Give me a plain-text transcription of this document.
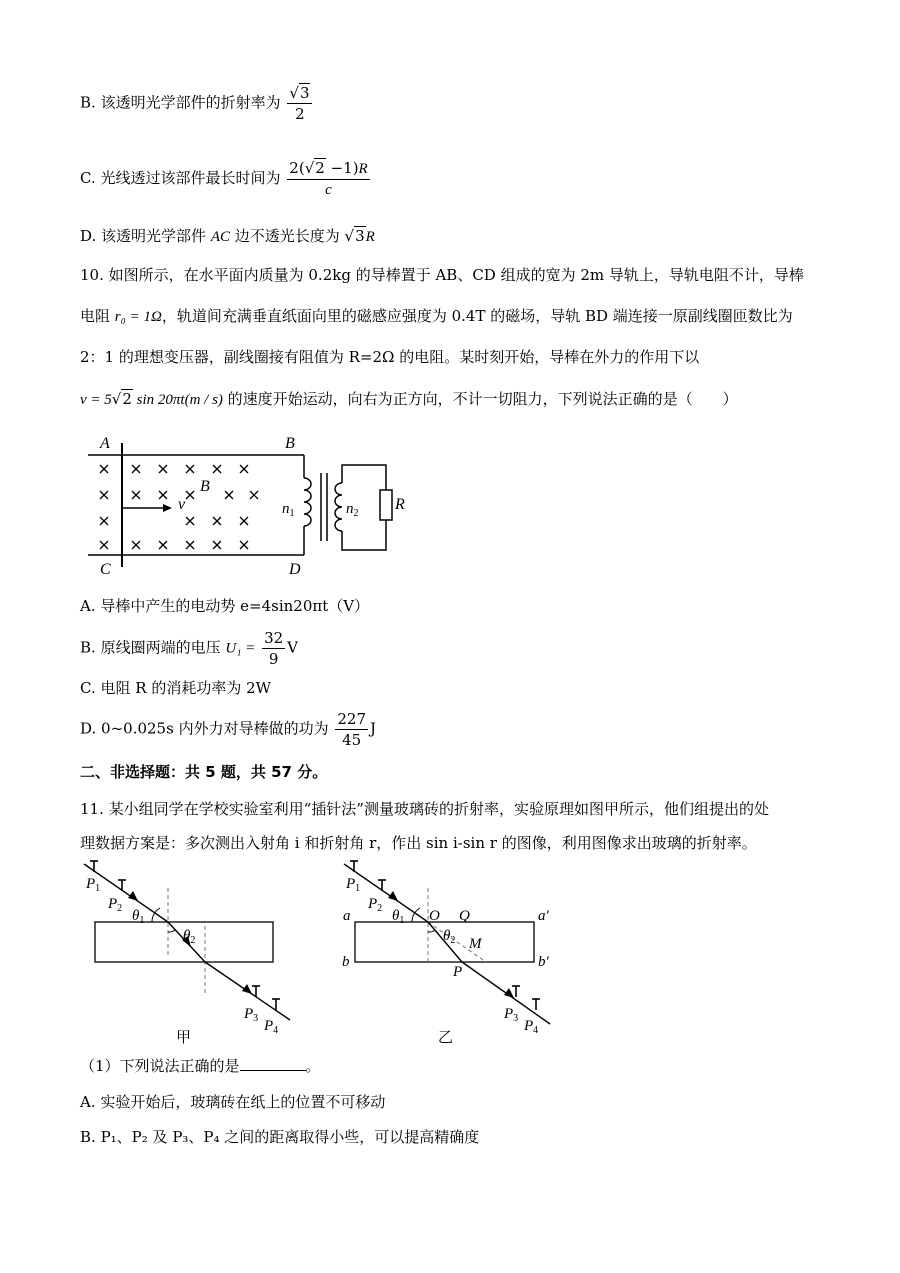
B. 该透明光学部件的折射率为 $\frac{√3}{2}$
C. 光线透过该部件最长时间为 $\frac{2(√2 -1)R}{c}$
D. 该透明光学部件 AC 边不透光长度为 √3R
10. 如图所示，在水平面内质量为 0.2kg 的导棒置于 AB、CD 组成的宽为 2m 导轨上，导轨电阻不计，导棒
电阻 r₀ = 1Ω，轨道间充满垂直纸面向里的磁感应强度为 0.4T 的磁场，导轨 BD 端连接一原副线圈匝数比为
2：1 的理想变压器，副线圈接有阻值为 R=2Ω 的电阻。某时刻开始，导棒在外力的作用下以
v = 5√2 sin 20πt(m / s) 的速度开始运动，向右为正方向，不计一切阻力，下列说法正确的是（　　）
A	B
C	D
B
v	$n_1$	$n_2$
R
A. 导棒中产生的电动势 e=4sin20πt（V）
B. 原线圈两端的电压 $U_1 = \frac{32}{9}$ V
C. 电阻 R 的消耗功率为 2W
D. 0~0.025s 内外力对导棒做的功为 $\frac{227}{45}$ J
二、非选择题：共 5 题，共 57 分。
11. 某小组同学在学校实验室利用“插针法”测量玻璃砖的折射率，实验原理如图甲所示，他们组提出的处
理数据方案是：多次测出入射角 i 和折射角 r，作出 sin i-sin r 的图像，利用图像求出玻璃的折射率。
$P_1$
$P_2$ $\theta_1$
$\theta_2$
$P_3$ $P_4$
甲
$P_1$
$P_2$ $\theta_1$
$\theta_2$
a	a′
b	b′
O Q
M
P
$P_3$ $P_4$
乙
（1）下列说法正确的是	。
A. 实验开始后，玻璃砖在纸上的位置不可移动
B. P₁、P₂ 及 P₃、P₄ 之间的距离取得小些，可以提高精确度
